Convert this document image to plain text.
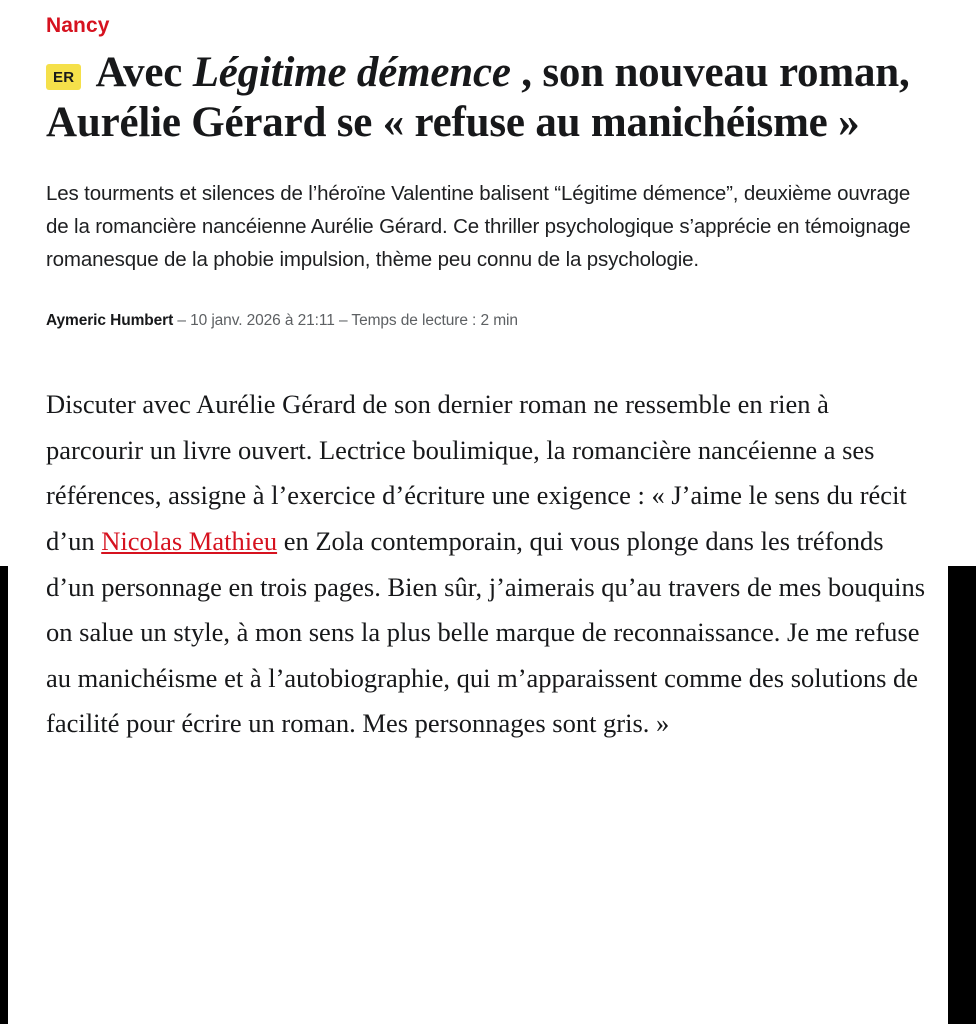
Nancy
ER Avec Légitime démence , son nouveau roman, Aurélie Gérard se « refuse au manichéisme »

Les tourments et silences de l’héroïne Valentine balisent “Légitime démence”, deuxième ouvrage de la romancière nancéienne Aurélie Gérard. Ce thriller psychologique s’apprécie en témoignage romanesque de la phobie impulsion, thème peu connu de la psychologie.

Aymeric Humbert – 10 janv. 2026 à 21:11 – Temps de lecture : 2 min

Discuter avec Aurélie Gérard de son dernier roman ne ressemble en rien à parcourir un livre ouvert. Lectrice boulimique, la romancière nancéienne a ses références, assigne à l’exercice d’écriture une exigence : « J’aime le sens du récit d’un Nicolas Mathieu en Zola contemporain, qui vous plonge dans les tréfonds d’un personnage en trois pages. Bien sûr, j’aimerais qu’au travers de mes bouquins on salue un style, à mon sens la plus belle marque de reconnaissance. Je me refuse au manichéisme et à l’autobiographie, qui m’apparaissent comme des solutions de facilité pour écrire un roman. Mes personnages sont gris. »
